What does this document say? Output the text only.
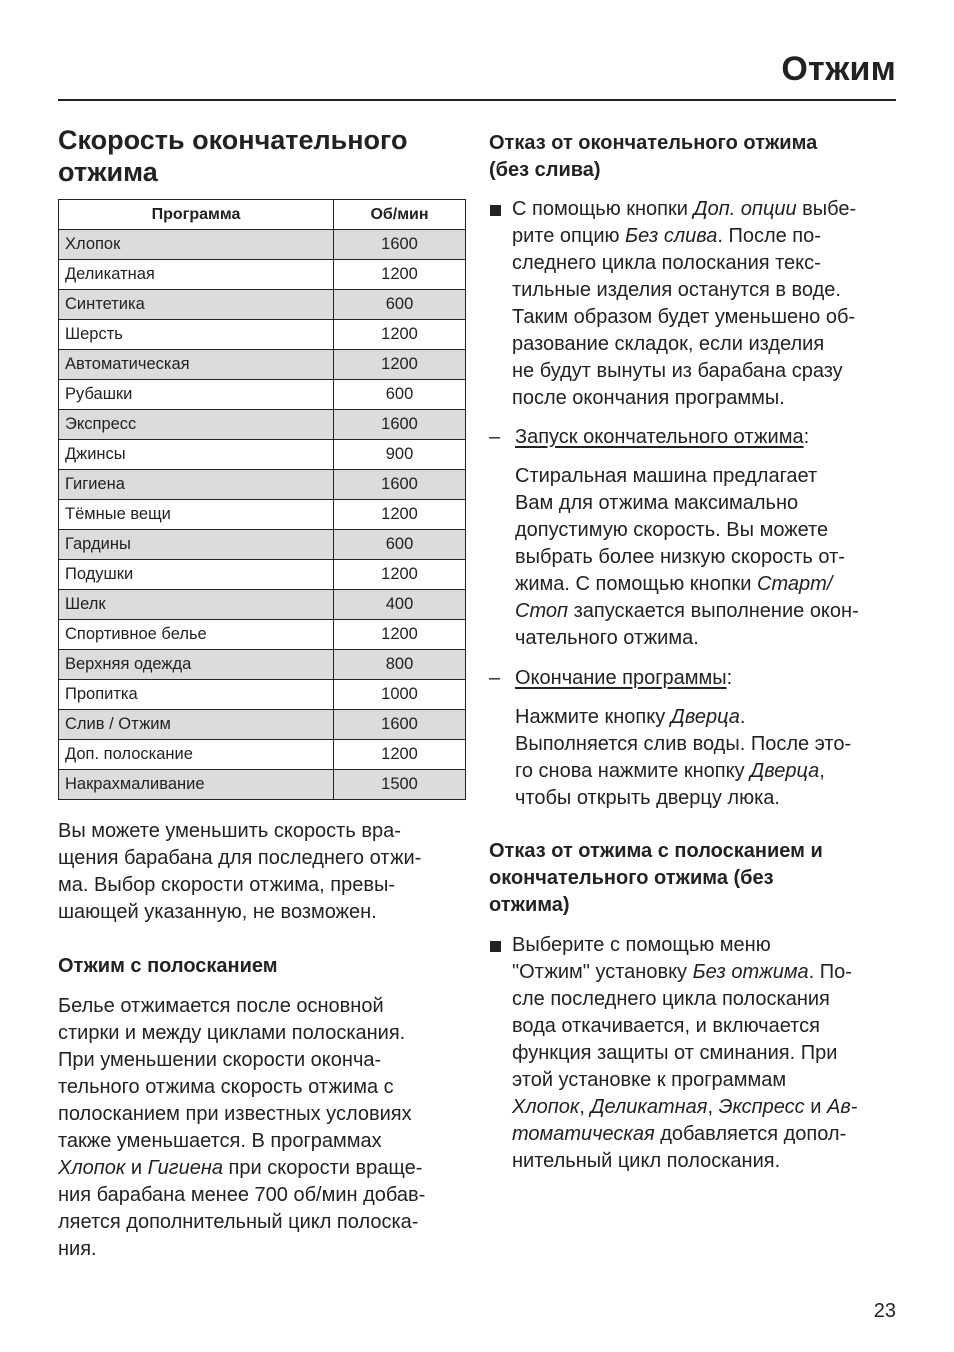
Отжим
Скорость окончательного
отжима
Программа	Об/мин
Хлопок	1600
Деликатная	1200
Синтетика	600
Шерсть	1200
Автоматическая	1200
Рубашки	600
Экспресс	1600
Джинсы	900
Гигиена	1600
Тёмные вещи	1200
Гардины	600
Подушки	1200
Шелк	400
Спортивное белье	1200
Верхняя одежда	800
Пропитка	1000
Слив / Отжим	1600
Доп. полоскание	1200
Накрахмаливание	1500
Вы можете уменьшить скорость вра-
щения барабана для последнего отжи-
ма. Выбор скорости отжима, превы-
шающей указанную, не возможен.
Отжим с полосканием
Белье отжимается после основной
стирки и между циклами полоскания.
При уменьшении скорости оконча-
тельного отжима скорость отжима с
полосканием при известных условиях
также уменьшается. В программах
Хлопок и Гигиена при скорости враще-
ния барабана менее 700 об/мин добав-
ляется дополнительный цикл полоска-
ния.
Отказ от окончательного отжима
(без слива)
С помощью кнопки Доп. опции выбе-
рите опцию Без слива. После по-
следнего цикла полоскания текс-
тильные изделия останутся в воде.
Таким образом будет уменьшено об-
разование складок, если изделия
не будут вынуты из барабана сразу
после окончания программы.
– Запуск окончательного отжима:
Стиральная машина предлагает
Вам для отжима максимально
допустимую скорость. Вы можете
выбрать более низкую скорость от-
жима. С помощью кнопки Старт/
Стоп запускается выполнение окон-
чательного отжима.
– Окончание программы:
Нажмите кнопку Дверца.
Выполняется слив воды. После это-
го снова нажмите кнопку Дверца,
чтобы открыть дверцу люка.
Отказ от отжима с полосканием и
окончательного отжима (без
отжима)
Выберите с помощью меню
"Отжим" установку Без отжима. По-
сле последнего цикла полоскания
вода откачивается, и включается
функция защиты от сминания. При
этой установке к программам
Хлопок, Деликатная, Экспресс и Ав-
томатическая добавляется допол-
нительный цикл полоскания.
23
